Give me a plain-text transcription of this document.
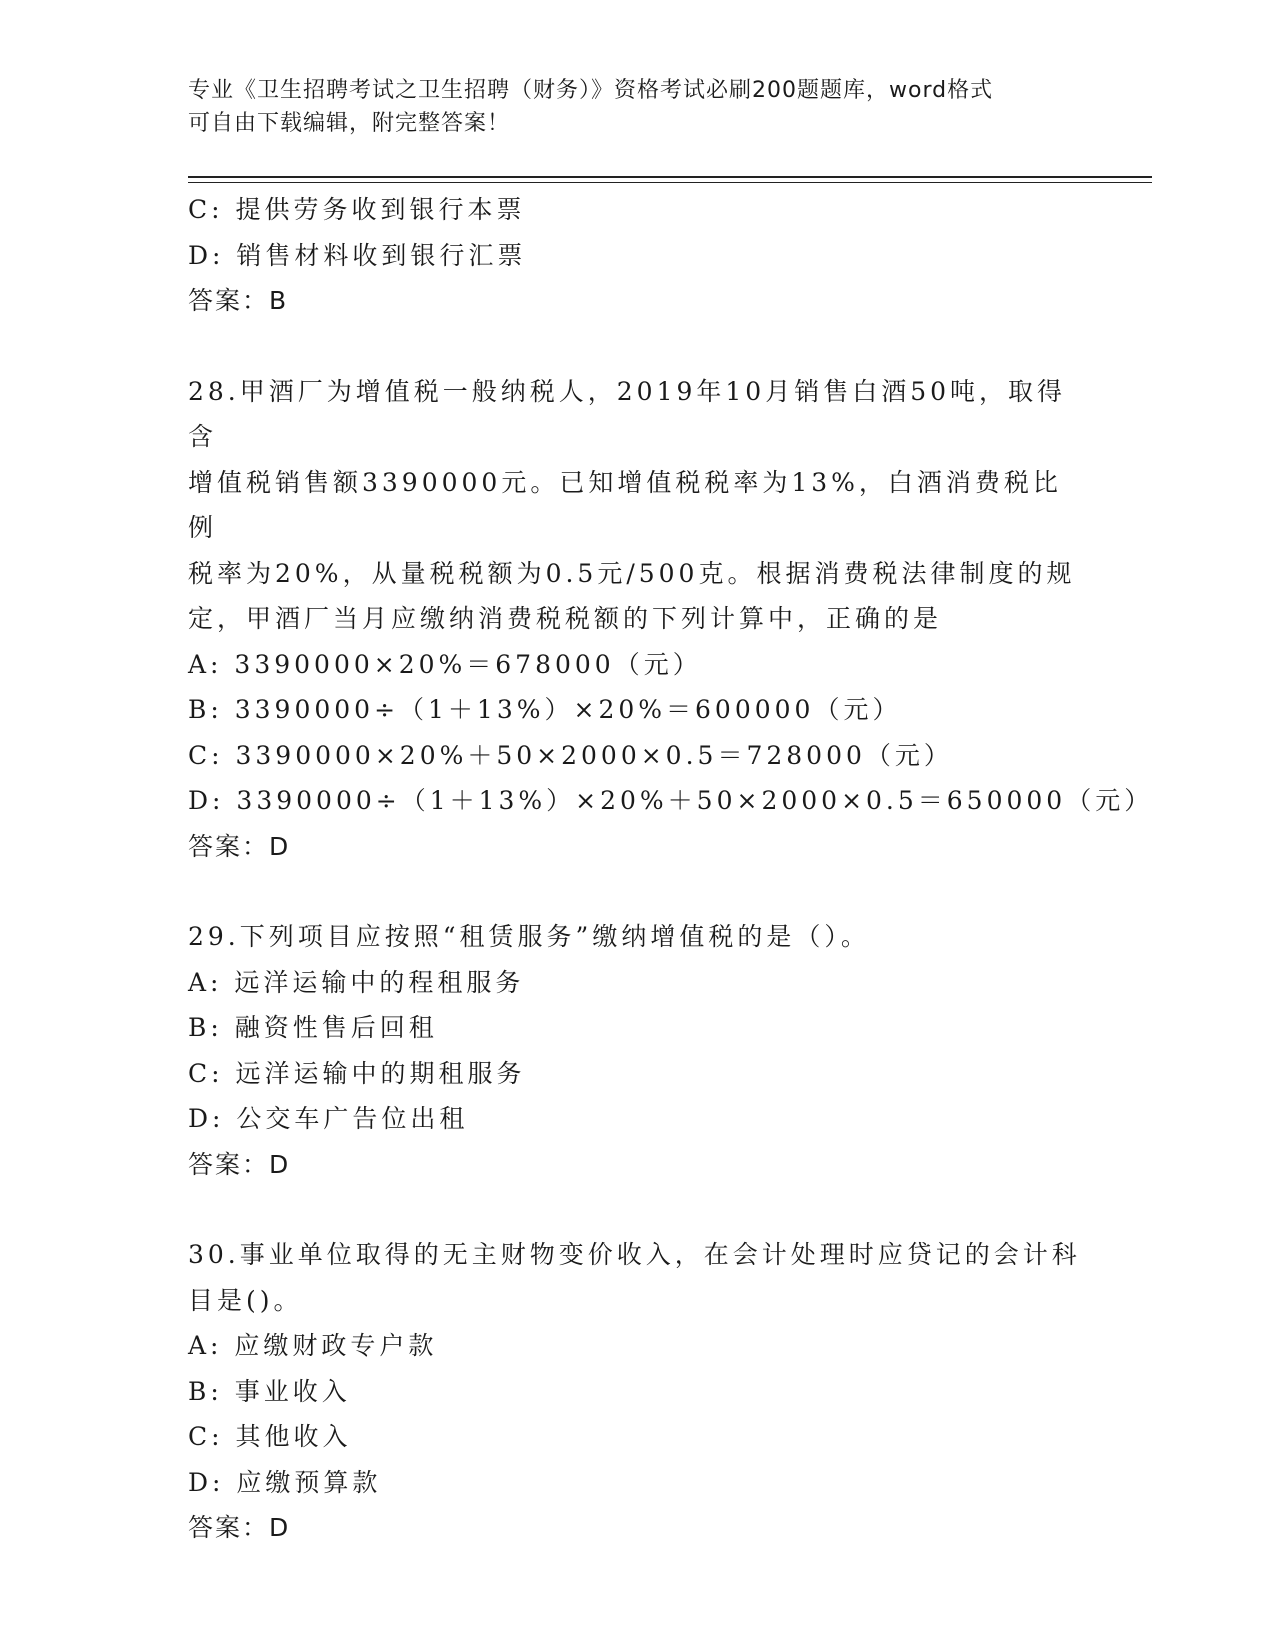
专业《卫生招聘考试之卫生招聘（财务）》资格考试必刷200题题库，word格式
可自由下载编辑，附完整答案！
C: 提供劳务收到银行本票
D: 销售材料收到银行汇票
答案：B
28.甲酒厂为增值税一般纳税人，2019年10月销售白酒50吨，取得含
增值税销售额3390000元。已知增值税税率为13%，白酒消费税比例
税率为20%，从量税税额为0.5元/500克。根据消费税法律制度的规
定，甲酒厂当月应缴纳消费税税额的下列计算中，正确的是
A: 3390000×20%＝678000（元）
B: 3390000÷（1＋13%）×20%＝600000（元）
C: 3390000×20%＋50×2000×0.5＝728000（元）
D: 3390000÷（1＋13%）×20%＋50×2000×0.5＝650000（元）
答案：D
29.下列项目应按照“租赁服务”缴纳增值税的是（）。
A: 远洋运输中的程租服务
B: 融资性售后回租
C: 远洋运输中的期租服务
D: 公交车广告位出租
答案：D
30.事业单位取得的无主财物变价收入，在会计处理时应贷记的会计科
目是()。
A: 应缴财政专户款
B: 事业收入
C: 其他收入
D: 应缴预算款
答案：D
